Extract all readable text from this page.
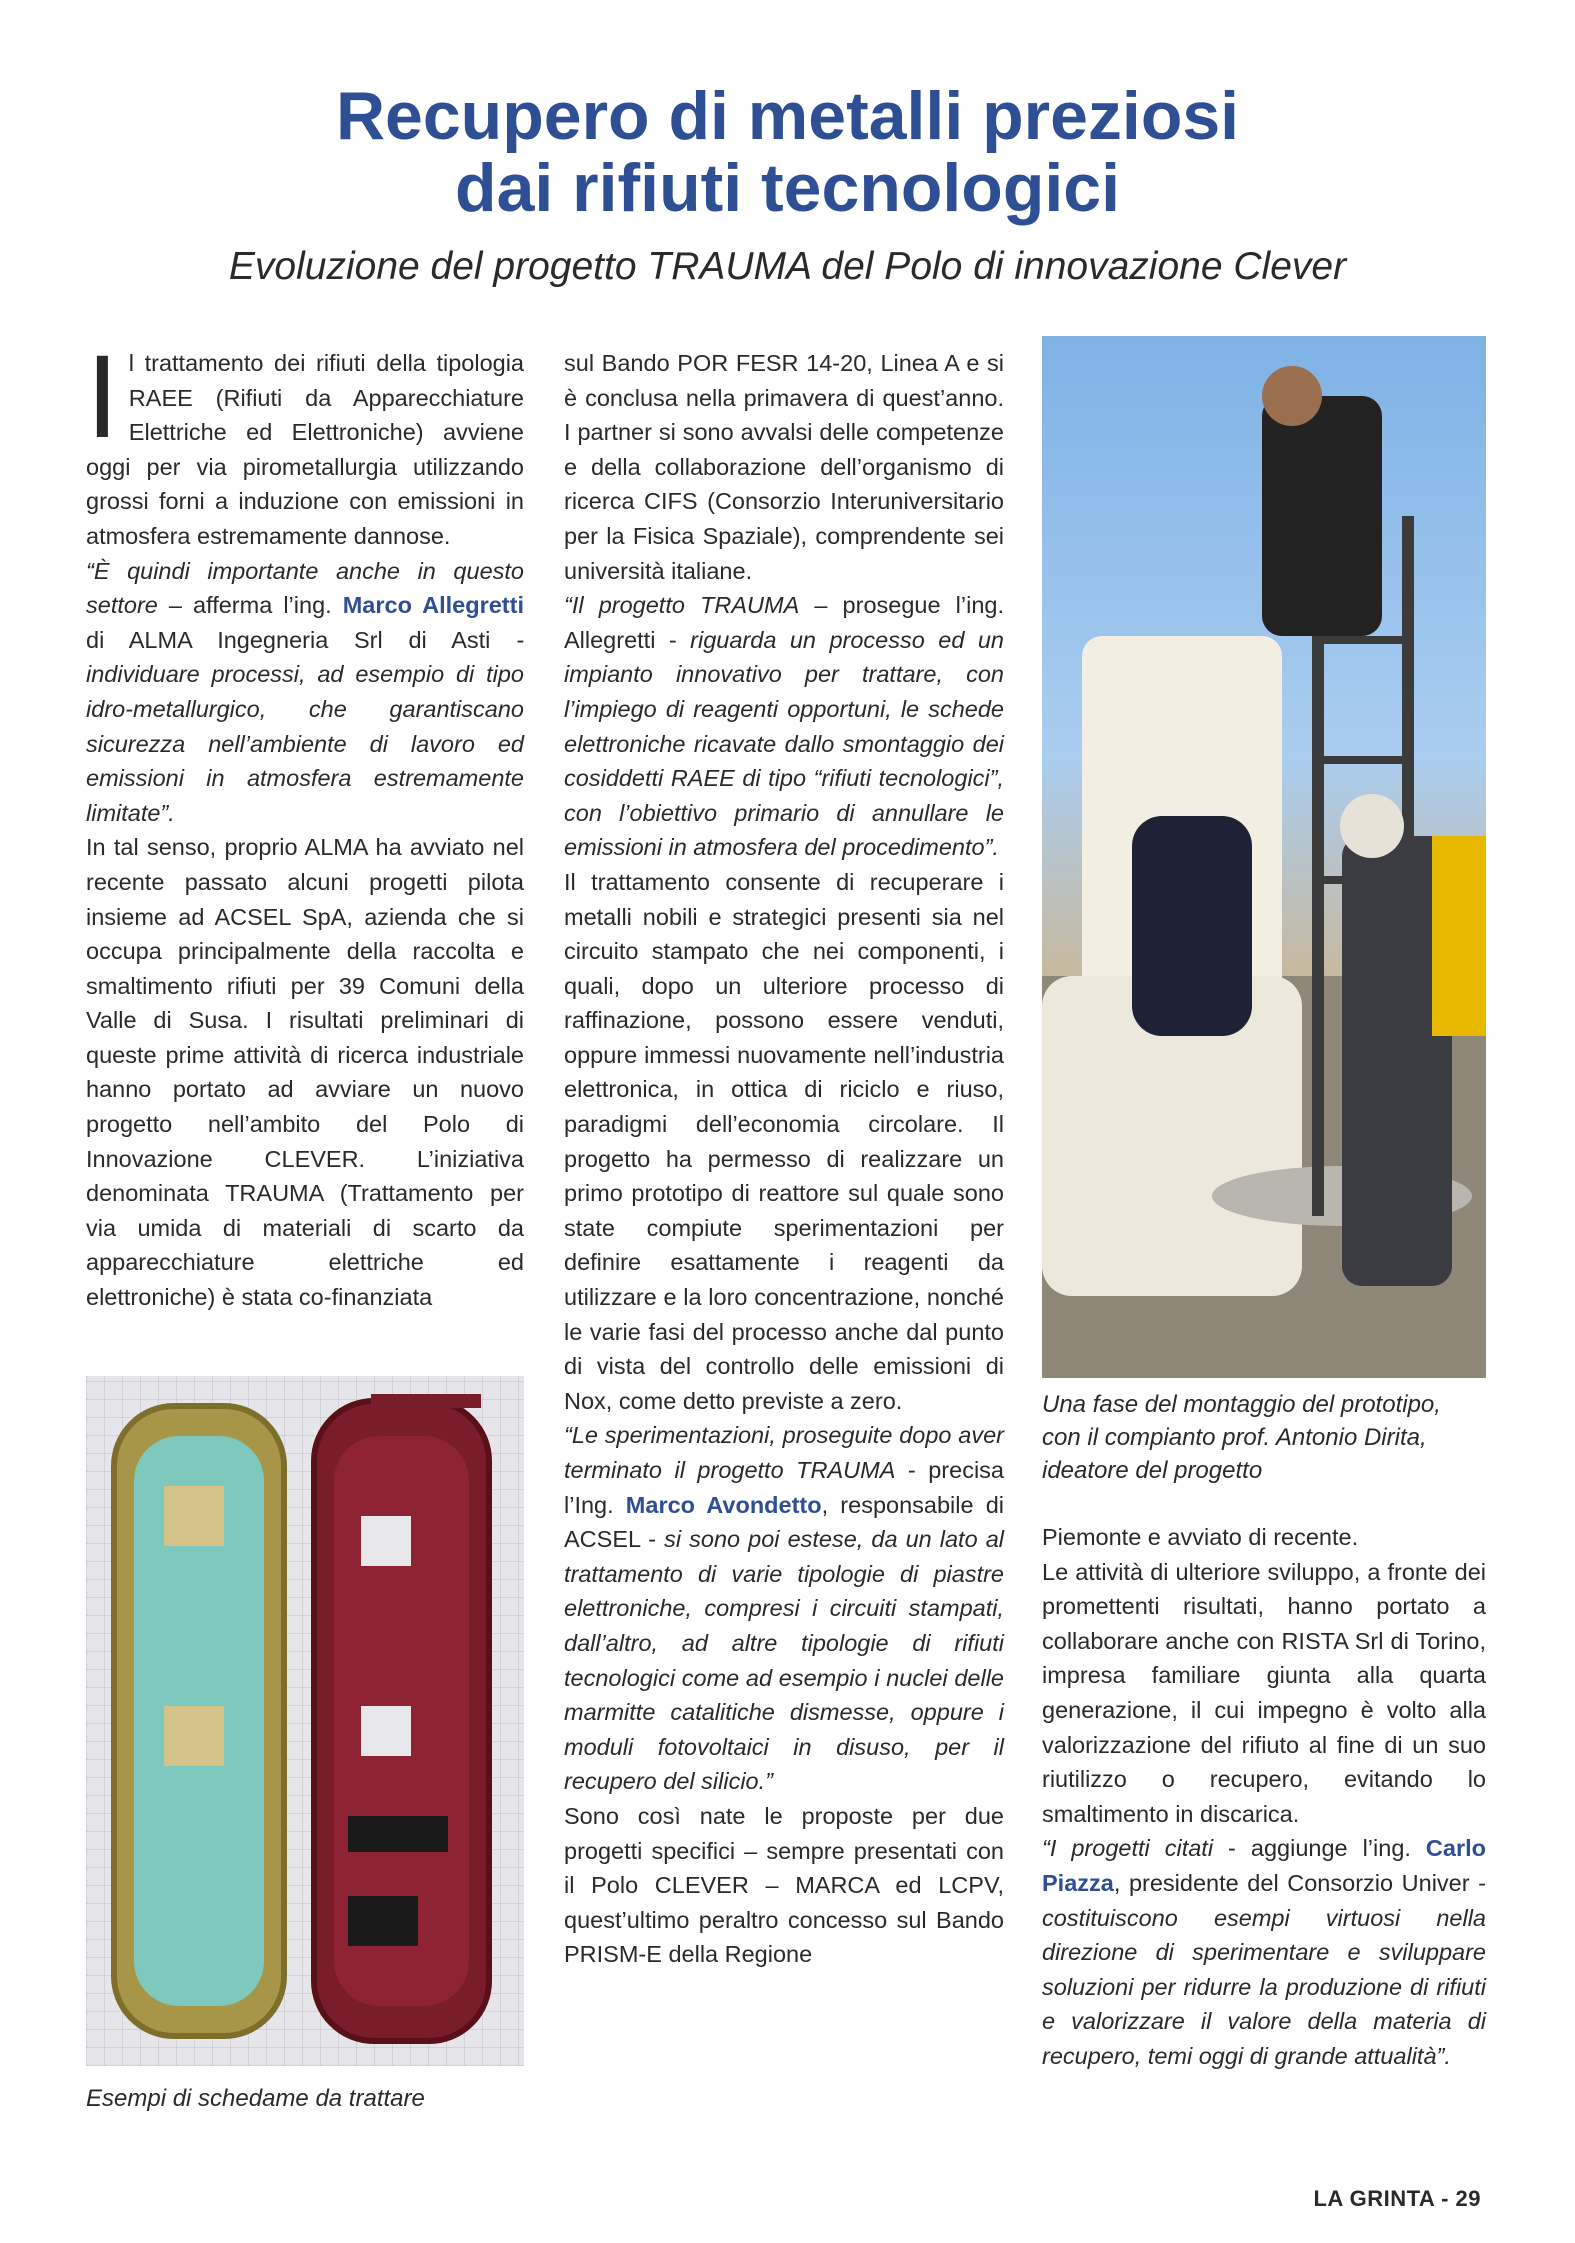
Recupero di metalli preziosi
dai rifiuti tecnologici

Evoluzione del progetto TRAUMA del Polo di innovazione Clever

Il trattamento dei rifiuti della tipologia RAEE (Rifiuti da Apparecchiature Elettriche ed Elettroniche) avviene oggi per via pirometallurgia utilizzando grossi forni a induzione con emissioni in atmosfera estremamente dannose.

“È quindi importante anche in questo settore – afferma l’ing. Marco Allegretti di ALMA Ingegneria Srl di Asti - individuare processi, ad esempio di tipo idro-metallurgico, che garantiscano sicurezza nell’ambiente di lavoro ed emissioni in atmosfera estremamente limitate”.

In tal senso, proprio ALMA ha avviato nel recente passato alcuni progetti pilota insieme ad ACSEL SpA, azienda che si occupa principalmente della raccolta e smaltimento rifiuti per 39 Comuni della Valle di Susa. I risultati preliminari di queste prime attività di ricerca industriale hanno portato ad avviare un nuovo progetto nell’ambito del Polo di Innovazione CLEVER. L’iniziativa denominata TRAUMA (Trattamento per via umida di materiali di scarto da apparecchiature elettriche ed elettroniche) è stata co-finanziata

Esempi di schedame da trattare

sul Bando POR FESR 14-20, Linea A e si è conclusa nella primavera di quest’anno. I partner si sono avvalsi delle competenze e della collaborazione dell’organismo di ricerca CIFS (Consorzio Interuniversitario per la Fisica Spaziale), comprendente sei università italiane.

“Il progetto TRAUMA – prosegue l’ing. Allegretti - riguarda un processo ed un impianto innovativo per trattare, con l’impiego di reagenti opportuni, le schede elettroniche ricavate dallo smontaggio dei cosiddetti RAEE di tipo “rifiuti tecnologici”, con l’obiettivo primario di annullare le emissioni in atmosfera del procedimento”.

Il trattamento consente di recuperare i metalli nobili e strategici presenti sia nel circuito stampato che nei componenti, i quali, dopo un ulteriore processo di raffinazione, possono essere venduti, oppure immessi nuovamente nell’industria elettronica, in ottica di riciclo e riuso, paradigmi dell’economia circolare. Il progetto ha permesso di realizzare un primo prototipo di reattore sul quale sono state compiute sperimentazioni per definire esattamente i reagenti da utilizzare e la loro concentrazione, nonché le varie fasi del processo anche dal punto di vista del controllo delle emissioni di Nox, come detto previste a zero.

“Le sperimentazioni, proseguite dopo aver terminato il progetto TRAUMA - precisa l’Ing. Marco Avondetto, responsabile di ACSEL - si sono poi estese, da un lato al trattamento di varie tipologie di piastre elettroniche, compresi i circuiti stampati, dall’altro, ad altre tipologie di rifiuti tecnologici come ad esempio i nuclei delle marmitte catalitiche dismesse, oppure i moduli fotovoltaici in disuso, per il recupero del silicio.”

Sono così nate le proposte per due progetti specifici – sempre presentati con il Polo CLEVER – MARCA ed LCPV, quest’ultimo peraltro concesso sul Bando PRISM-E della Regione

Una fase del montaggio del prototipo, con il compianto prof. Antonio Dirita, ideatore del progetto

Piemonte e avviato di recente.

Le attività di ulteriore sviluppo, a fronte dei promettenti risultati, hanno portato a collaborare anche con RISTA Srl di Torino, impresa familiare giunta alla quarta generazione, il cui impegno è volto alla valorizzazione del rifiuto al fine di un suo riutilizzo o recupero, evitando lo smaltimento in discarica.

“I progetti citati - aggiunge l’ing. Carlo Piazza, presidente del Consorzio Univer - costituiscono esempi virtuosi nella direzione di sperimentare e sviluppare soluzioni per ridurre la produzione di rifiuti e valorizzare il valore della materia di recupero, temi oggi di grande attualità”.

LA GRINTA - 29
